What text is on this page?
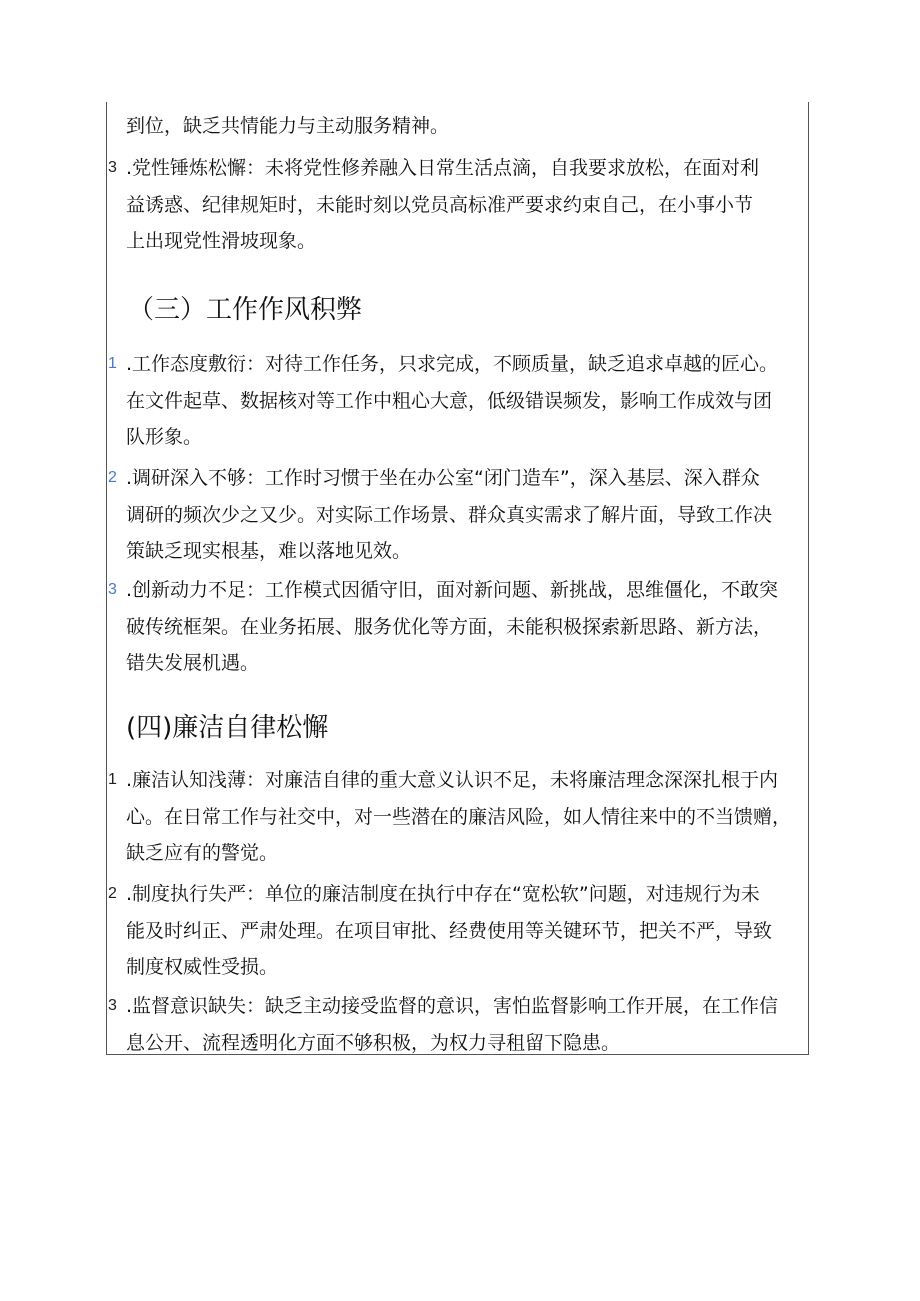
到位，缺乏共情能力与主动服务精神。
3 .党性锤炼松懈：未将党性修养融入日常生活点滴，自我要求放松，在面对利
益诱惑、纪律规矩时，未能时刻以党员高标准严要求约束自己，在小事小节
上出现党性滑坡现象。
（三）工作作风积弊
1 .工作态度敷衍：对待工作任务，只求完成，不顾质量，缺乏追求卓越的匠心。
在文件起草、数据核对等工作中粗心大意，低级错误频发，影响工作成效与团
队形象。
2 .调研深入不够：工作时习惯于坐在办公室“闭门造车”，深入基层、深入群众
调研的频次少之又少。对实际工作场景、群众真实需求了解片面，导致工作决
策缺乏现实根基，难以落地见效。
3 .创新动力不足：工作模式因循守旧，面对新问题、新挑战，思维僵化，不敢突
破传统框架。在业务拓展、服务优化等方面，未能积极探索新思路、新方法，
错失发展机遇。
(四)廉洁自律松懈
1 .廉洁认知浅薄：对廉洁自律的重大意义认识不足，未将廉洁理念深深扎根于内
心。在日常工作与社交中，对一些潜在的廉洁风险，如人情往来中的不当馈赠，
缺乏应有的警觉。
2 .制度执行失严：单位的廉洁制度在执行中存在“宽松软”问题，对违规行为未
能及时纠正、严肃处理。在项目审批、经费使用等关键环节，把关不严，导致
制度权威性受损。
3 .监督意识缺失：缺乏主动接受监督的意识，害怕监督影响工作开展，在工作信
息公开、流程透明化方面不够积极，为权力寻租留下隐患。
